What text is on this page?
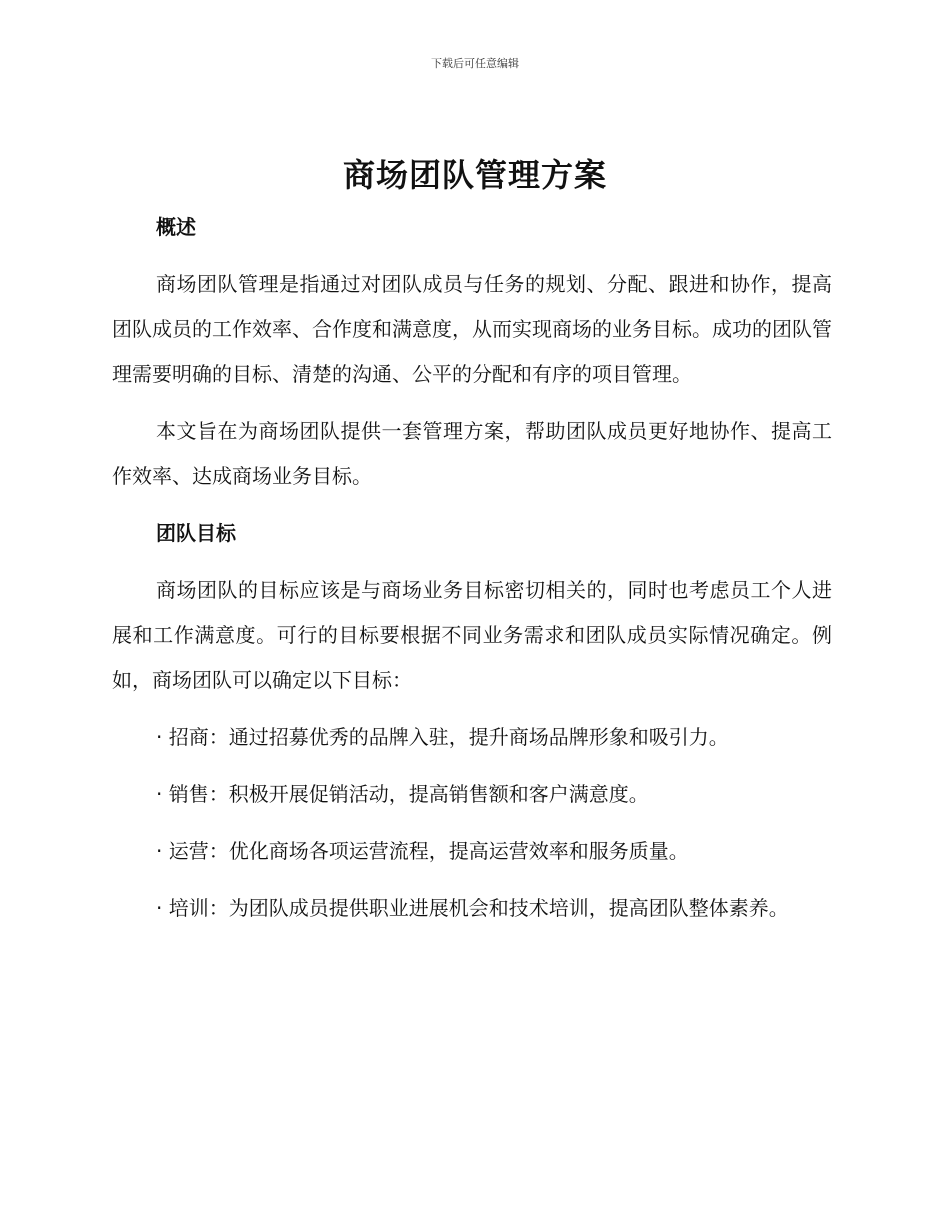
下载后可任意编辑
商场团队管理方案
概述

商场团队管理是指通过对团队成员与任务的规划、分配、跟进和协作，提高团队成员的工作效率、合作度和满意度，从而实现商场的业务目标。成功的团队管理需要明确的目标、清楚的沟通、公平的分配和有序的项目管理。

本文旨在为商场团队提供一套管理方案，帮助团队成员更好地协作、提高工作效率、达成商场业务目标。

团队目标

商场团队的目标应该是与商场业务目标密切相关的，同时也考虑员工个人进展和工作满意度。可行的目标要根据不同业务需求和团队成员实际情况确定。例如，商场团队可以确定以下目标：

· 招商：通过招募优秀的品牌入驻，提升商场品牌形象和吸引力。

· 销售：积极开展促销活动，提高销售额和客户满意度。

· 运营：优化商场各项运营流程，提高运营效率和服务质量。

· 培训：为团队成员提供职业进展机会和技术培训，提高团队整体素养。
